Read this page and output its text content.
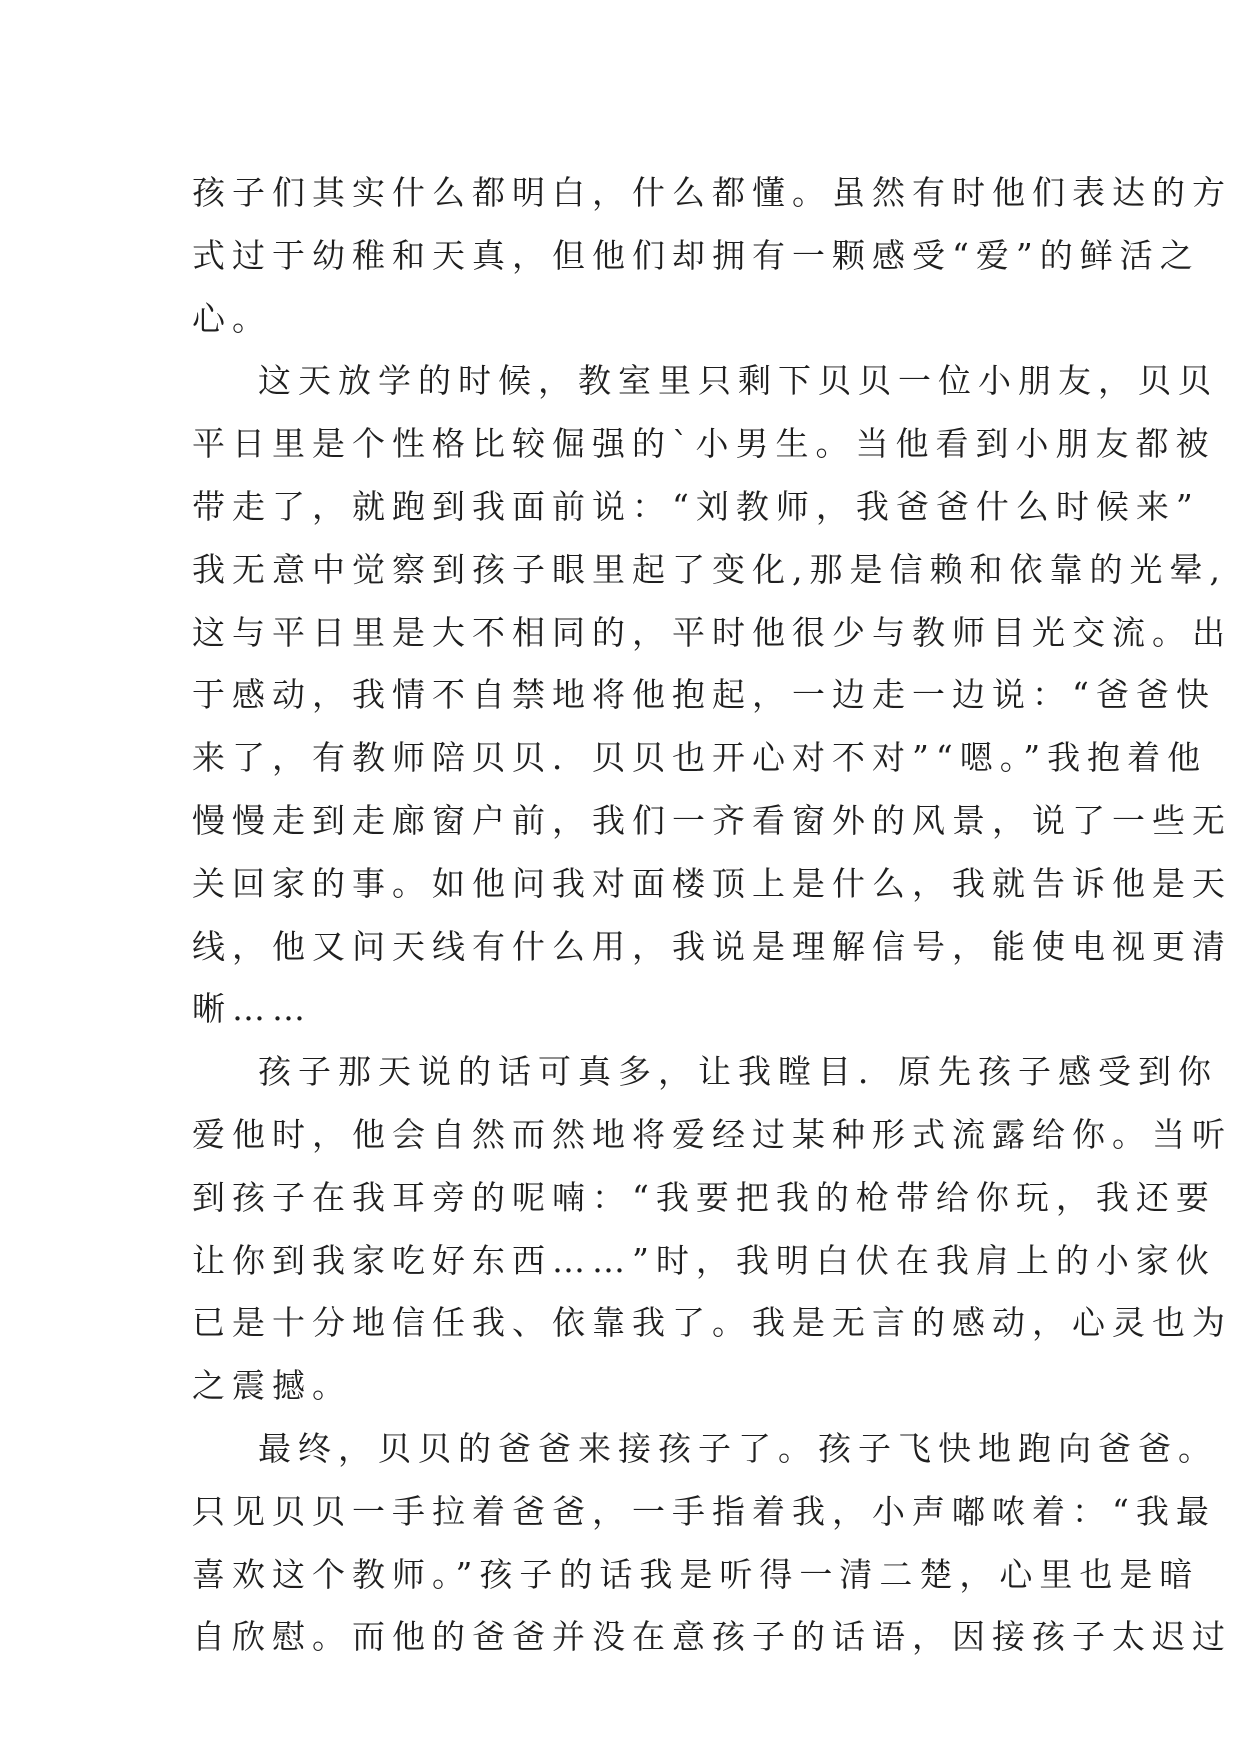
孩子们其实什么都明白，什么都懂。虽然有时他们表达的方
式过于幼稚和天真，但他们却拥有一颗感受“爱”的鲜活之
心。
这天放学的时候，教室里只剩下贝贝一位小朋友，贝贝
平日里是个性格比较倔强的`小男生。当他看到小朋友都被
带走了，就跑到我面前说：“刘教师，我爸爸什么时候来”
我无意中觉察到孩子眼里起了变化,那是信赖和依靠的光晕,
这与平日里是大不相同的，平时他很少与教师目光交流。出
于感动，我情不自禁地将他抱起，一边走一边说：“爸爸快
来了，有教师陪贝贝．贝贝也开心对不对”“嗯。”我抱着他
慢慢走到走廊窗户前，我们一齐看窗外的风景，说了一些无
关回家的事。如他问我对面楼顶上是什么，我就告诉他是天
线，他又问天线有什么用，我说是理解信号，能使电视更清
晰……
孩子那天说的话可真多，让我瞠目．原先孩子感受到你
爱他时，他会自然而然地将爱经过某种形式流露给你。当听
到孩子在我耳旁的呢喃：“我要把我的枪带给你玩，我还要
让你到我家吃好东西……”时，我明白伏在我肩上的小家伙
已是十分地信任我、依靠我了。我是无言的感动，心灵也为
之震撼。
最终，贝贝的爸爸来接孩子了。孩子飞快地跑向爸爸。
只见贝贝一手拉着爸爸，一手指着我，小声嘟哝着：“我最
喜欢这个教师。”孩子的话我是听得一清二楚，心里也是暗
自欣慰。而他的爸爸并没在意孩子的话语，因接孩子太迟过
